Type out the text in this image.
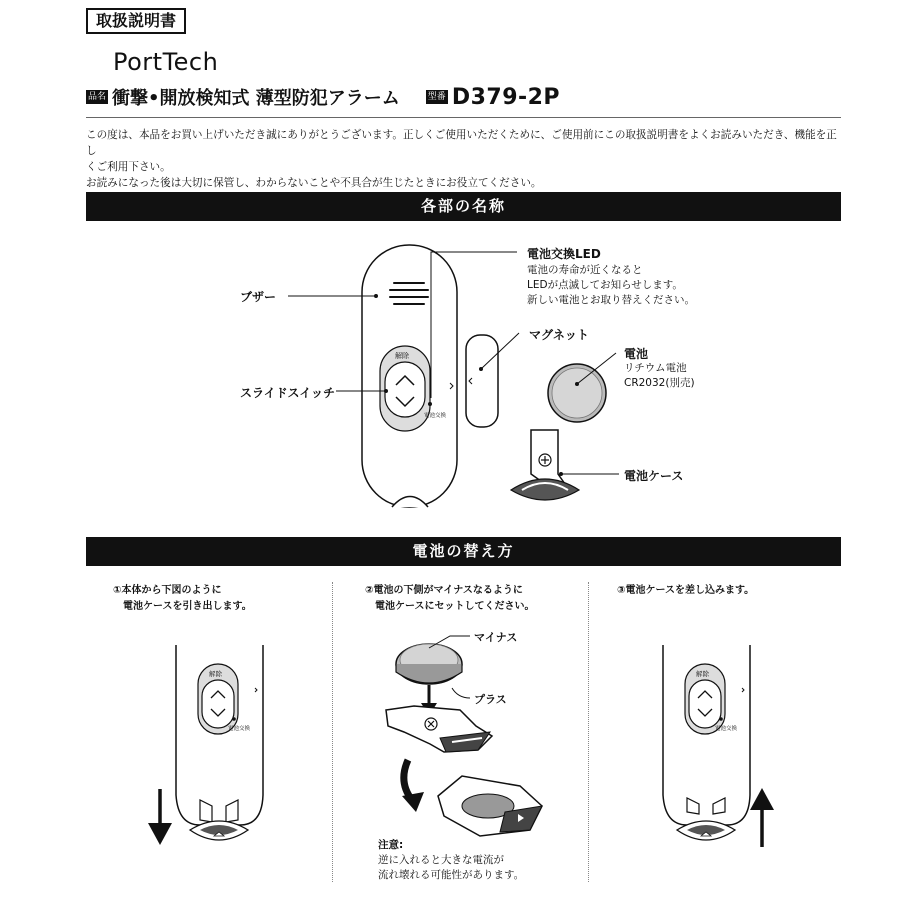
取扱説明書
PortTech
品名 衝撃•開放検知式 薄型防犯アラーム	型番 D379-2P

この度は、本品をお買い上げいただき誠にありがとうございます。正しくご使用いただくために、ご使用前にこの取扱説明書をよくお読みいただき、機能を正し

くご利用下さい。

お読みになった後は大切に保管し、わからないことや不具合が生じたときにお役立てください。

各部の名称
解除
電池交換
ブザー
スライドスイッチ
電池交換LED
電池の寿命が近くなると
LEDが点滅してお知らせします。
新しい電池とお取り替えください。
マグネット
電池
リチウム電池
CR2032(別売)
電池ケース
電池の替え方
①本体から下図のように
電池ケースを引き出します。
②電池の下側がマイナスなるように
電池ケースにセットしてください。
③電池ケースを差し込みます。
解除
電池交換
解除
電池交換
マイナス
プラス
注意:
逆に入れると大きな電流が
流れ壊れる可能性があります。
